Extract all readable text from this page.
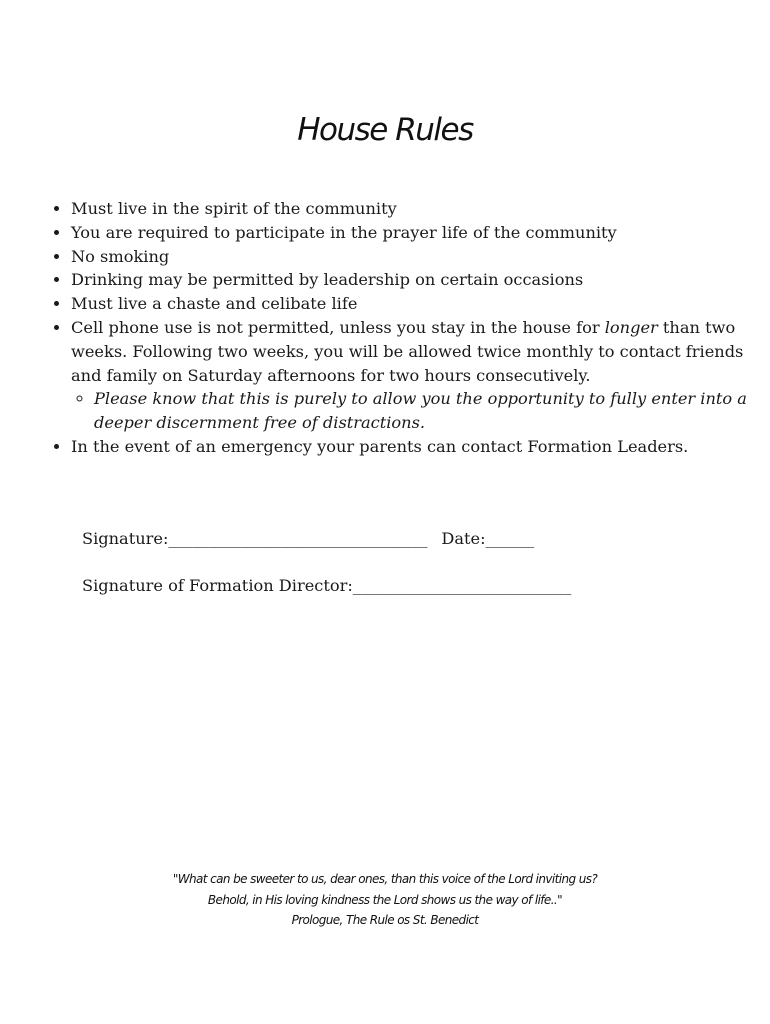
House Rules
• Must live in the spirit of the community
• You are required to participate in the prayer life of the community
• No smoking
• Drinking may be permitted by leadership on certain occasions
• Must live a chaste and celibate life
• Cell phone use is not permitted, unless you stay in the house for longer than two weeks. Following two weeks, you will be allowed twice monthly to contact friends and family on Saturday afternoons for two hours consecutively.
◦ Please know that this is purely to allow you the opportunity to fully enter into a deeper discernment free of distractions.
• In the event of an emergency your parents can contact Formation Leaders.
Signature:________________________________ Date:______
Signature of Formation Director:___________________________
"What can be sweeter to us, dear ones, than this voice of the Lord inviting us?
Behold, in His loving kindness the Lord shows us the way of life.."
Prologue, The Rule os St. Benedict
